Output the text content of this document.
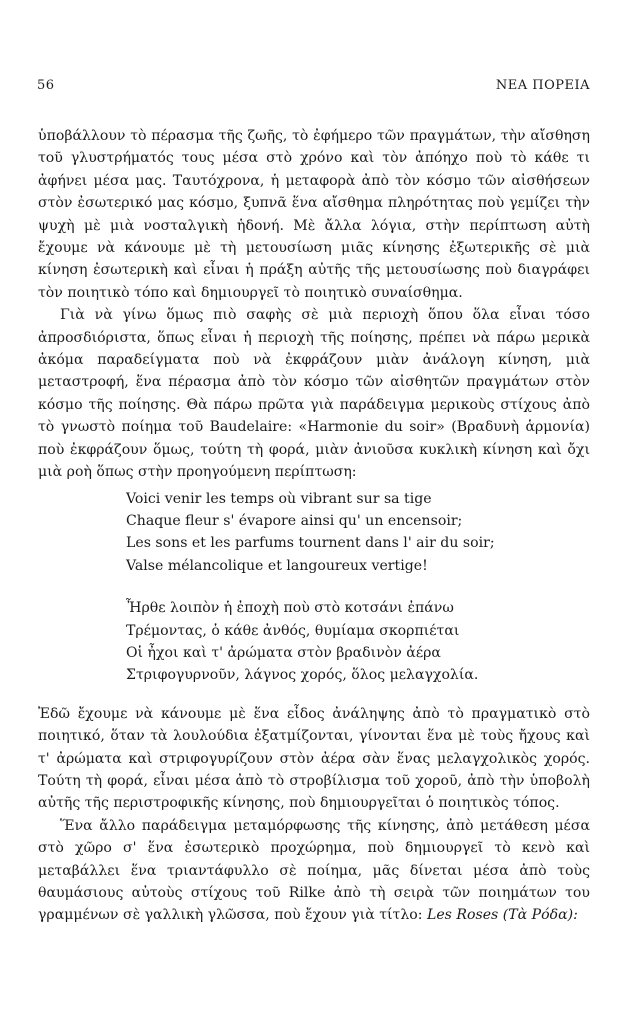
56	ΝΕΑ ΠΟΡΕΙΑ

ὑποβάλλουν τὸ πέρασμα τῆς ζωῆς, τὸ ἐφήμερο τῶν πραγμάτων, τὴν αἴσθηση τοῦ γλυστρήματός τους μέσα στὸ χρόνο καὶ τὸν ἀπόηχο ποὺ τὸ κάθε τι ἀφήνει μέσα μας. Ταυτόχρονα, ἡ μεταφορὰ ἀπὸ τὸν κόσμο τῶν αἰσθήσεων στὸν ἐσωτερικό μας κόσμο, ξυπνᾶ ἕνα αἴσθημα πληρότητας ποὺ γεμίζει τὴν ψυχὴ μὲ μιὰ νοσταλγικὴ ἡδονή. Μὲ ἄλλα λόγια, στὴν περίπτωση αὐτὴ ἔχουμε νὰ κάνουμε μὲ τὴ μετουσίωση μιᾶς κίνησης ἐξωτερικῆς σὲ μιὰ κίνηση ἐσωτερικὴ καὶ εἶναι ἡ πράξη αὐτῆς τῆς μετουσίωσης ποὺ διαγράφει τὸν ποιητικὸ τόπο καὶ δημιουργεῖ τὸ ποιητικὸ συναίσθημα.

Γιὰ νὰ γίνω ὅμως πιὸ σαφὴς σὲ μιὰ περιοχὴ ὅπου ὅλα εἶναι τόσο ἀπροσδιόριστα, ὅπως εἶναι ἡ περιοχὴ τῆς ποίησης, πρέπει νὰ πάρω μερικὰ ἀκόμα παραδείγματα ποὺ νὰ ἐκφράζουν μιὰν ἀνάλογη κίνηση, μιὰ μεταστροφή, ἕνα πέρασμα ἀπὸ τὸν κόσμο τῶν αἰσθητῶν πραγμάτων στὸν κόσμο τῆς ποίησης. Θὰ πάρω πρῶτα γιὰ παράδειγμα μερικοὺς στίχους ἀπὸ τὸ γνωστὸ ποίημα τοῦ Baudelaire: «Harmonie du soir» (Βραδυνὴ ἁρμονία) ποὺ ἐκφράζουν ὅμως, τούτη τὴ φορά, μιὰν ἀνιοῦσα κυκλικὴ κίνηση καὶ ὄχι μιὰ ροὴ ὅπως στὴν προηγούμενη περίπτωση:

Voici venir les temps où vibrant sur sa tige
Chaque fleur s' évapore ainsi qu' un encensoir;
Les sons et les parfums tournent dans l' air du soir;
Valse mélancolique et langoureux vertige!
Ἦρθε λοιπὸν ἡ ἐποχὴ ποὺ στὸ κοτσάνι ἐπάνω
Τρέμοντας, ὁ κάθε ἀνθός, θυμίαμα σκορπιέται
Οἱ ἦχοι καὶ τ' ἀρώματα στὸν βραδινὸν ἀέρα
Στριφογυρνοῦν, λάγνος χορός, ὅλος μελαγχολία.

Ἐδῶ ἔχουμε νὰ κάνουμε μὲ ἕνα εἶδος ἀνάληψης ἀπὸ τὸ πραγματικὸ στὸ ποιητικό, ὅταν τὰ λουλούδια ἐξατμίζονται, γίνονται ἕνα μὲ τοὺς ἤχους καὶ τ' ἀρώματα καὶ στριφογυρίζουν στὸν ἀέρα σὰν ἕνας μελαγχολικὸς χορός. Τούτη τὴ φορά, εἶναι μέσα ἀπὸ τὸ στροβίλισμα τοῦ χοροῦ, ἀπὸ τὴν ὑποβολὴ αὐτῆς τῆς περιστροφικῆς κίνησης, ποὺ δημιουργεῖται ὁ ποιητικὸς τόπος.

Ἕνα ἄλλο παράδειγμα μεταμόρφωσης τῆς κίνησης, ἀπὸ μετάθεση μέσα στὸ χῶρο σ' ἕνα ἐσωτερικὸ προχώρημα, ποὺ δημιουργεῖ τὸ κενὸ καὶ μεταβάλλει ἕνα τριαντάφυλλο σὲ ποίημα, μᾶς δίνεται μέσα ἀπὸ τοὺς θαυμάσιους αὐτοὺς στίχους τοῦ Rilke ἀπὸ τὴ σειρὰ τῶν ποιημάτων του γραμμένων σὲ γαλλικὴ γλῶσσα, ποὺ ἔχουν γιὰ τίτλο: Les Roses (Τὰ Ρόδα):
